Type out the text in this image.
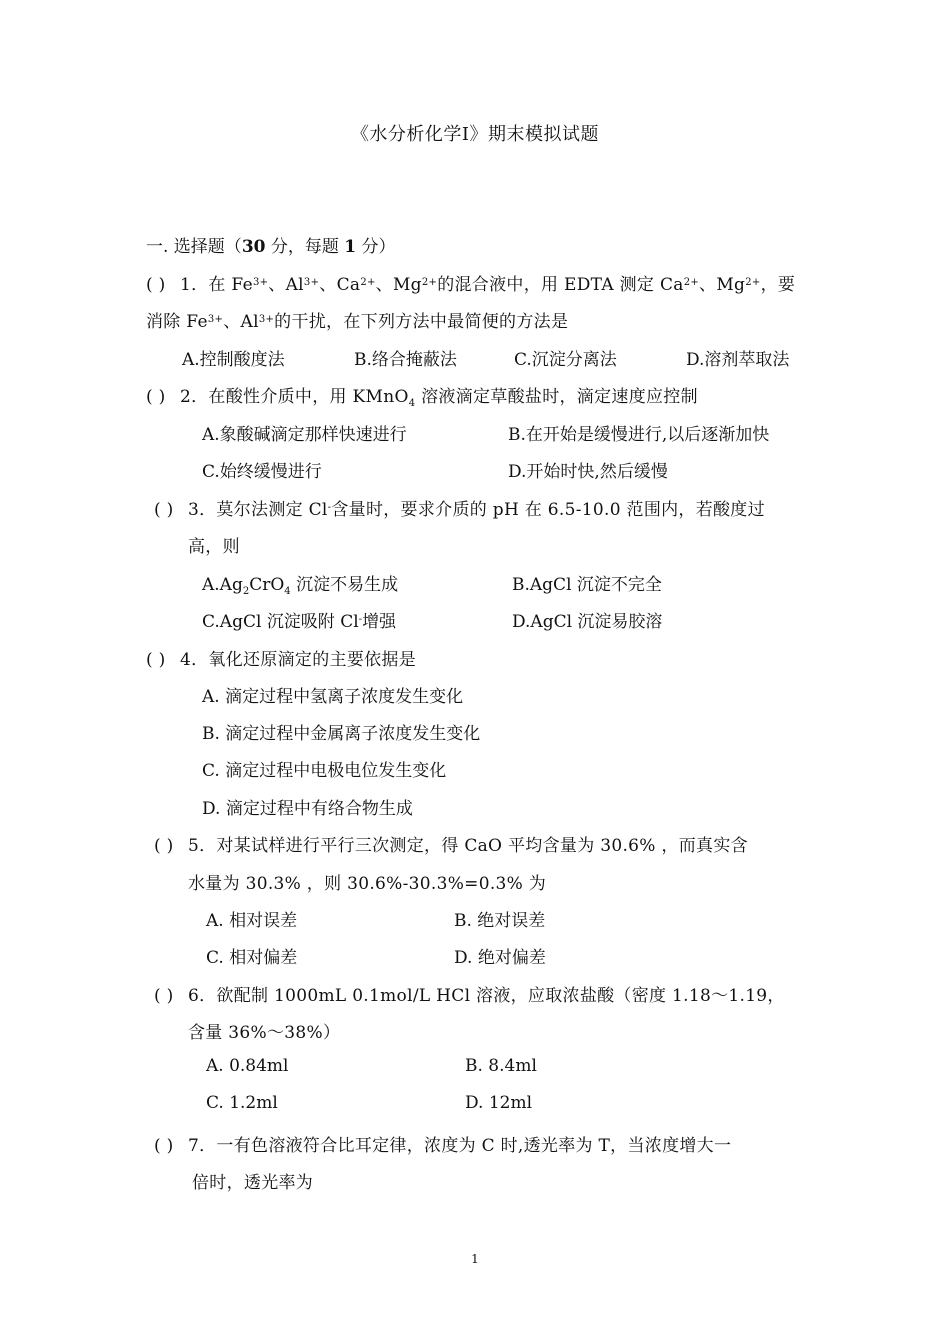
《水分析化学Ⅰ》期末模拟试题
一. 选择题（30 分，每题 1 分）
( ) 1．在 $Fe^{3+}$、$Al^{3+}$、$Ca^{2+}$、$Mg^{2+}$的混合液中，用 EDTA 测定 $Ca^{2+}$、$Mg^{2+}$，要
消除 $Fe^{3+}$、$Al^{3+}$的干扰，在下列方法中最简便的方法是
A.控制酸度法	B.络合掩蔽法	C.沉淀分离法	D.溶剂萃取法
( ) 2．在酸性介质中，用 KMnO$_4$ 溶液滴定草酸盐时，滴定速度应控制
A.象酸碱滴定那样快速进行	B.在开始是缓慢进行,以后逐渐加快
C.始终缓慢进行	D.开始时快,然后缓慢
( ) 3．莫尔法测定 Cl-含量时，要求介质的 pH 在 6.5-10.0 范围内，若酸度过
高，则
$A.Ag_2CrO_4$ 沉淀不易生成	B.AgCl 沉淀不完全
C.AgCl 沉淀吸附 Cl-增强	D.AgCl 沉淀易胶溶
( ) 4．氧化还原滴定的主要依据是
A. 滴定过程中氢离子浓度发生变化
B. 滴定过程中金属离子浓度发生变化
C. 滴定过程中电极电位发生变化
D. 滴定过程中有络合物生成
( ) 5．对某试样进行平行三次测定，得 CaO 平均含量为 30.6% ，而真实含
水量为 30.3% ，则 30.6%-30.3%=0.3% 为
A. 相对误差	B. 绝对误差
C. 相对偏差	D. 绝对偏差
( ) 6．欲配制 1000mL 0.1mol/L HCl 溶液，应取浓盐酸（密度 1.18～1.19，
含量 36%～38%）
A. 0.84ml	B. 8.4ml
C. 1.2ml	D. 12ml
( ) 7．一有色溶液符合比耳定律，浓度为 C 时,透光率为 T，当浓度增大一
倍时，透光率为
1
